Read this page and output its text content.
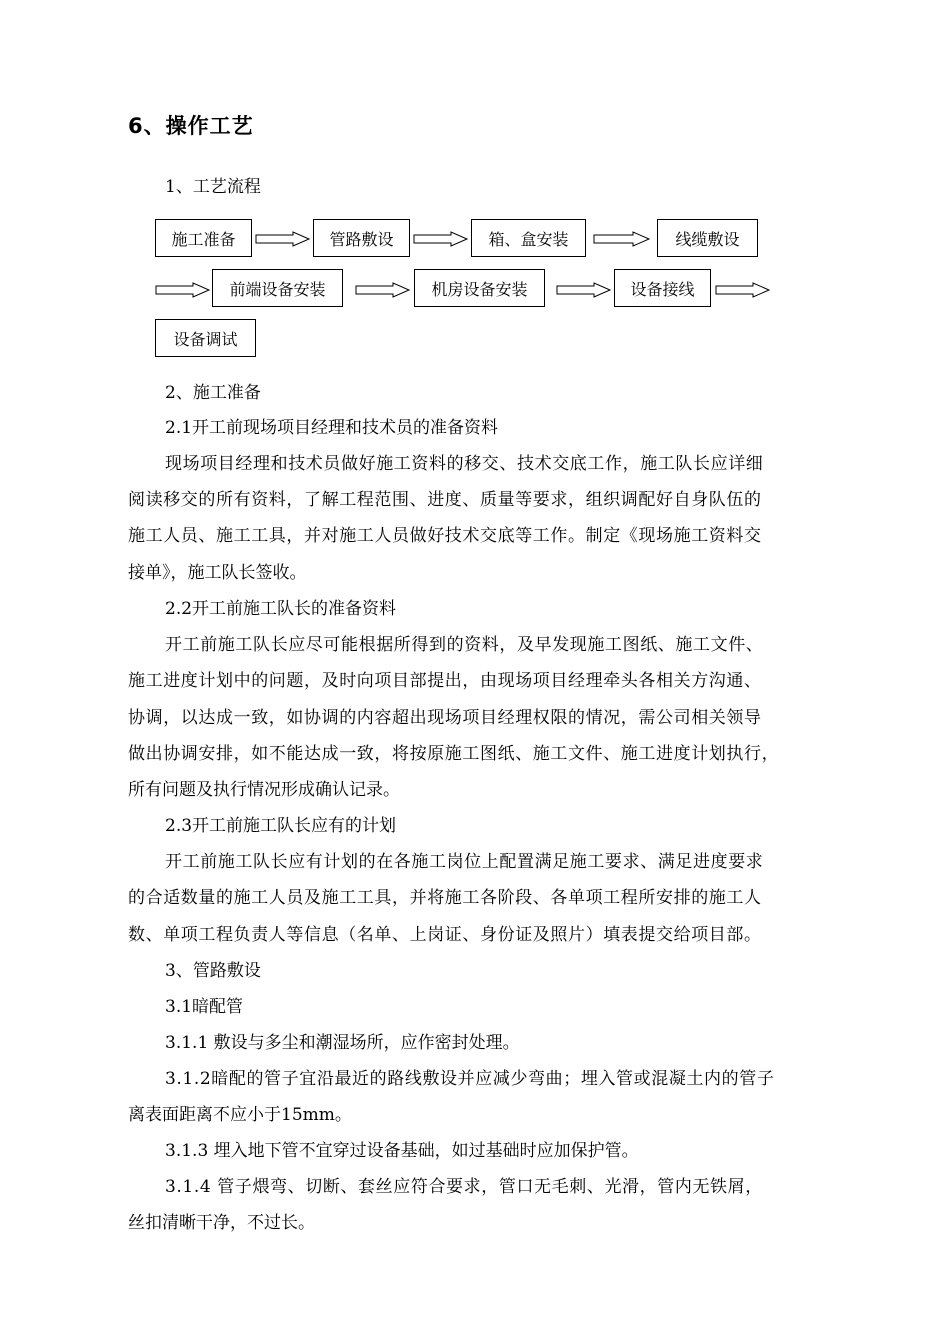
6、操作工艺
1、工艺流程
施工准备	管路敷设	箱、盒安装	线缆敷设
前端设备安装	机房设备安装	设备接线
设备调试
2、施工准备
2.1开工前现场项目经理和技术员的准备资料
现场项目经理和技术员做好施工资料的移交、技术交底工作，施工队长应详细
阅读移交的所有资料，了解工程范围、进度、质量等要求，组织调配好自身队伍的
施工人员、施工工具，并对施工人员做好技术交底等工作。制定《现场施工资料交
接单》，施工队长签收。
2.2开工前施工队长的准备资料
开工前施工队长应尽可能根据所得到的资料，及早发现施工图纸、施工文件、
施工进度计划中的问题，及时向项目部提出，由现场项目经理牵头各相关方沟通、
协调，以达成一致，如协调的内容超出现场项目经理权限的情况，需公司相关领导
做出协调安排，如不能达成一致，将按原施工图纸、施工文件、施工进度计划执行，
所有问题及执行情况形成确认记录。
2.3开工前施工队长应有的计划
开工前施工队长应有计划的在各施工岗位上配置满足施工要求、满足进度要求
的合适数量的施工人员及施工工具，并将施工各阶段、各单项工程所安排的施工人
数、单项工程负责人等信息（名单、上岗证、身份证及照片）填表提交给项目部。
3、管路敷设
3.1暗配管
3.1.1 敷设与多尘和潮湿场所，应作密封处理。
3.1.2暗配的管子宜沿最近的路线敷设并应减少弯曲；埋入管或混凝土内的管子
离表面距离不应小于15mm。
3.1.3 埋入地下管不宜穿过设备基础，如过基础时应加保护管。
3.1.4 管子煨弯、切断、套丝应符合要求，管口无毛刺、光滑，管内无铁屑，
丝扣清晰干净，不过长。
